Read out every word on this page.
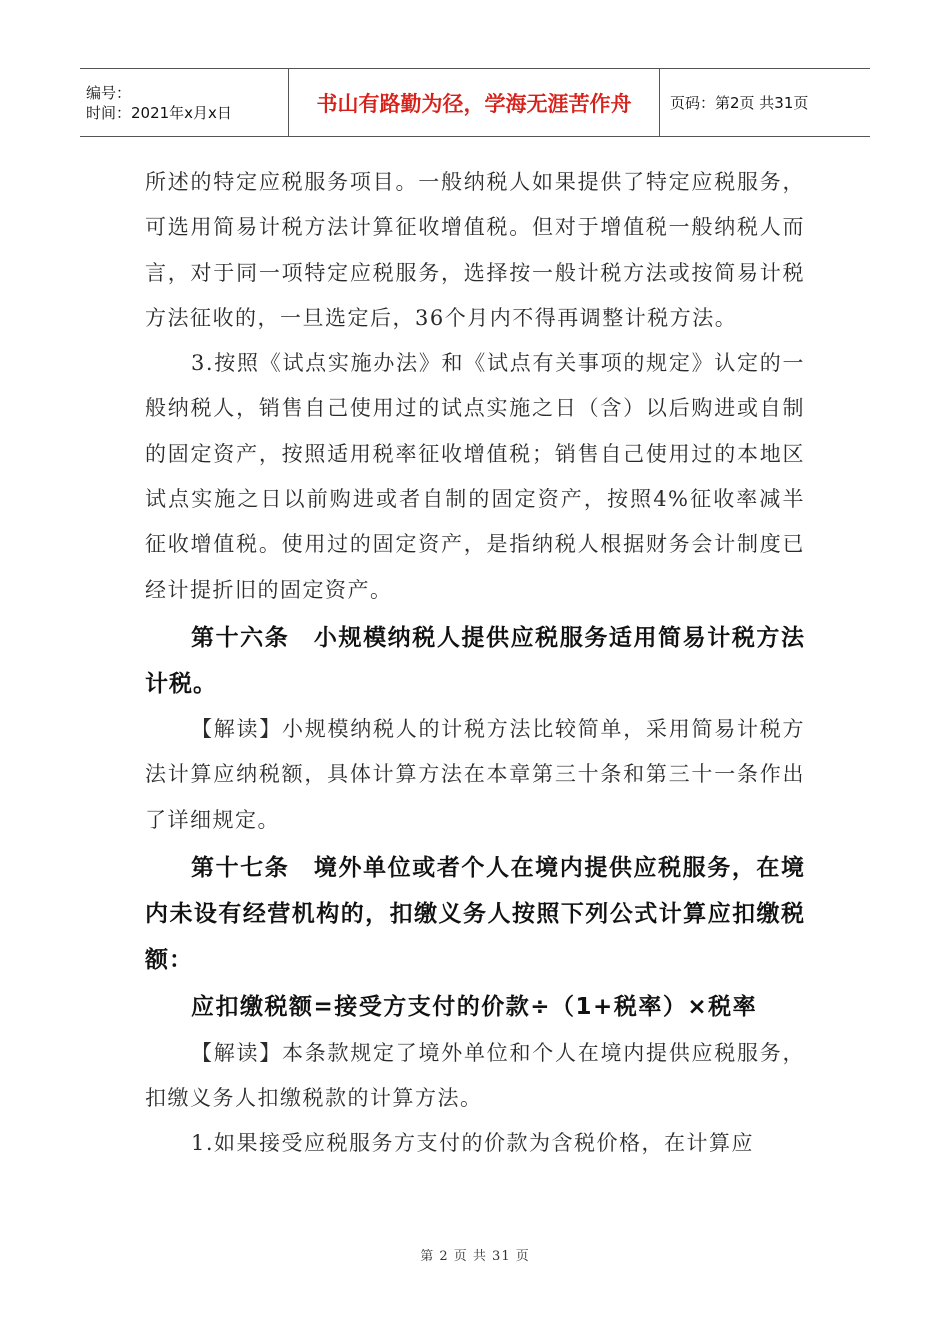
编号：
时间：2021年x月x日	书山有路勤为径，学海无涯苦作舟	页码：第2页 共31页

所述的特定应税服务项目。一般纳税人如果提供了特定应税服务，可选用简易计税方法计算征收增值税。但对于增值税一般纳税人而言，对于同一项特定应税服务，选择按一般计税方法或按简易计税方法征收的，一旦选定后，36个月内不得再调整计税方法。

3.按照《试点实施办法》和《试点有关事项的规定》认定的一般纳税人，销售自己使用过的试点实施之日（含）以后购进或自制的固定资产，按照适用税率征收增值税；销售自己使用过的本地区试点实施之日以前购进或者自制的固定资产，按照4%征收率减半征收增值税。使用过的固定资产，是指纳税人根据财务会计制度已经计提折旧的固定资产。

第十六条　小规模纳税人提供应税服务适用简易计税方法计税。

【解读】小规模纳税人的计税方法比较简单，采用简易计税方法计算应纳税额，具体计算方法在本章第三十条和第三十一条作出了详细规定。

第十七条　境外单位或者个人在境内提供应税服务，在境内未设有经营机构的，扣缴义务人按照下列公式计算应扣缴税额：

应扣缴税额=接受方支付的价款÷（1+税率）×税率

【解读】本条款规定了境外单位和个人在境内提供应税服务，扣缴义务人扣缴税款的计算方法。

1.如果接受应税服务方支付的价款为含税价格，在计算应

第 2 页 共 31 页
